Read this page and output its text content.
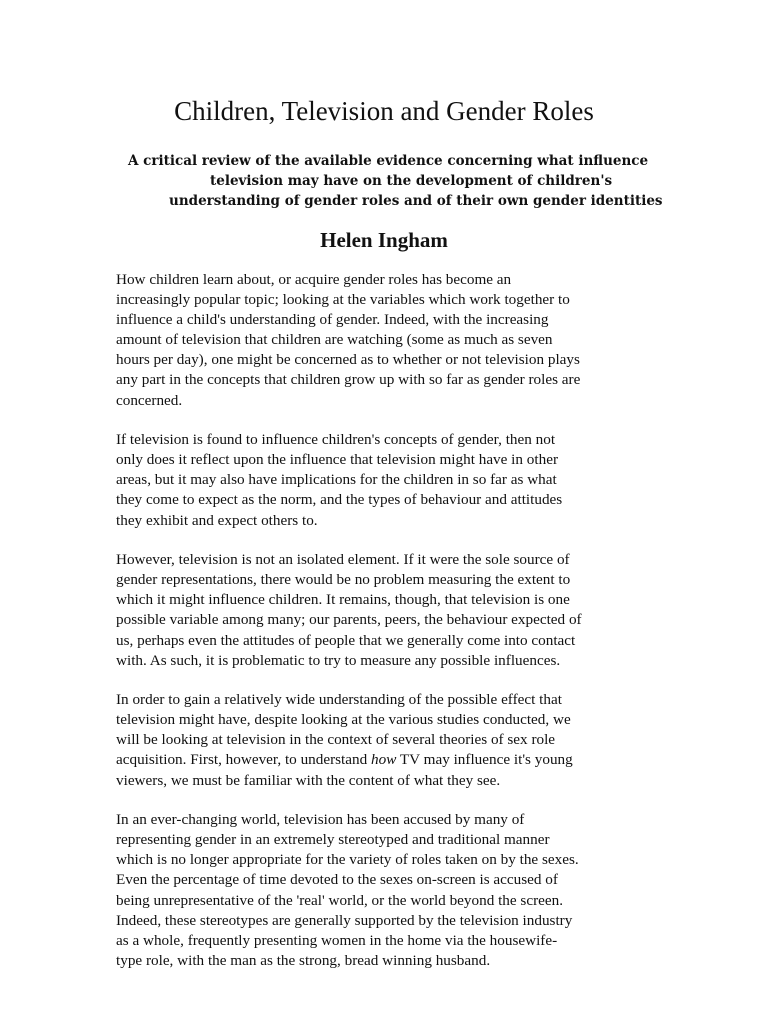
Children, Television and Gender Roles
A critical review of the available evidence concerning what influence
television may have on the development of children's
understanding of gender roles and of their own gender identities
Helen Ingham

How children learn about, or acquire gender roles has become an
increasingly popular topic; looking at the variables which work together to
influence a child's understanding of gender. Indeed, with the increasing
amount of television that children are watching (some as much as seven
hours per day), one might be concerned as to whether or not television plays
any part in the concepts that children grow up with so far as gender roles are
concerned.

If television is found to influence children's concepts of gender, then not
only does it reflect upon the influence that television might have in other
areas, but it may also have implications for the children in so far as what
they come to expect as the norm, and the types of behaviour and attitudes
they exhibit and expect others to.

However, television is not an isolated element. If it were the sole source of
gender representations, there would be no problem measuring the extent to
which it might influence children. It remains, though, that television is one
possible variable among many; our parents, peers, the behaviour expected of
us, perhaps even the attitudes of people that we generally come into contact
with. As such, it is problematic to try to measure any possible influences.

In order to gain a relatively wide understanding of the possible effect that
television might have, despite looking at the various studies conducted, we
will be looking at television in the context of several theories of sex role
acquisition. First, however, to understand how TV may influence it's young
viewers, we must be familiar with the content of what they see.

In an ever-changing world, television has been accused by many of
representing gender in an extremely stereotyped and traditional manner
which is no longer appropriate for the variety of roles taken on by the sexes.
Even the percentage of time devoted to the sexes on-screen is accused of
being unrepresentative of the 'real' world, or the world beyond the screen.
Indeed, these stereotypes are generally supported by the television industry
as a whole, frequently presenting women in the home via the housewife-
type role, with the man as the strong, bread winning husband.
